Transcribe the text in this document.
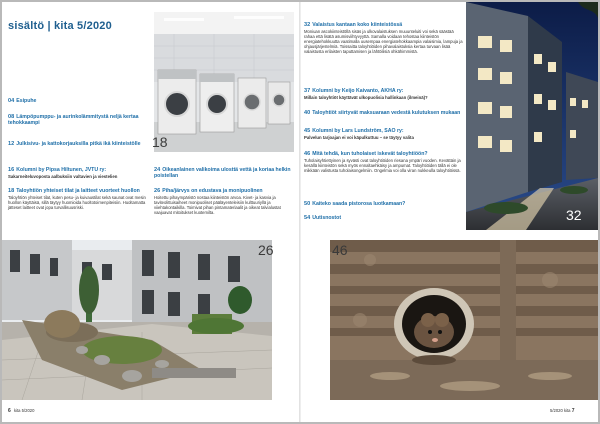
sisältö | kita 5/2020
04 Esipuhe
08 Lämpöpumppu- ja aurinkolämmitystä neljä kertaa tehokkaampi
12 Julkisivu- ja kattokorjauksilla pitkä ikä kiinteistölle
16 Kolumni by Pipsa Hiltunen, JVTU ry:
Sakarneiteluvoposta aalbuksiin valtavien ja viestelien
18 Taloyhtiön yhteiset tilat ja laitteet vuorteet huollon
Taloyhtiön yhteiset tilat, kuten pesu- ja kuivaustilat sekä saunat ovat mesin huollon käyttäisä, sillä täytyy huomioida huoltotoimenpiteisiin. Huoltamatta jätteset laitteet ovat jopa turvallisuusriski.
24 Oikeanlainen valikoima ulosttä vettä ja koriaa helkin poistellan
26 Piha/järvys on edustava ja monipuolinen
Hoitettu pihaympäristö nostaa kiinteistön arvoa. Kivet- ja kasvia ja taviteolittuisaiheet monipuoliset pääläyenteleisiin kulttuuriyllä ja viiehtakontaikilla. Toimivat pihan pintamateriaalit ja oikeat talvialustat vaajuavat mitoitukset kuotemilta.
18
32 Valaistus kantaan koko kiinteistössä
Moniuan ascokiinteistöllä sisäs ja ulkovalaistuksen muuunteluiti voi sekä säästää rahaa että lisätä asumisviihtyvyyttä. Samalla voidaan tehostaa kiinteistön energiatehokkuutta vaatimalla uusempaa energiatehokkaampia valaisimia, lampuja ja ohjausjärjestelmiä. Toissaitta taloyhtiöiden pihavalaistuksia kertaa turvaan lisää valaistusta erilaisten taputtamisen ja lähtöilisiä ohkähimmistä.
37 Kolumni by Keijo Kaivanto, AKHA ry:
Millain taloyhtiöt käyttävät ulkopuolisia hallinkaan (ilmeinä)?
40 Taloyhtiöt siirtyvät maksuaraan vedestä kulutuksen mukaan
45 Kolumni by Lars Lundström, SAO ry:
Palvelun tarjoajan ei voi käpulkuttuu – se täytyy valita
46 Mitä tehdä, kun tuholaiset iskevät taloyhtiöön?
Tuholaisyhtiettyinen ja syvästi ovat taloyhtiöiden riesana ympäri vuoden. Kevättäin ja kesällä kiinteistön sekä myös ennaltaehkäisy ja ampumat. Taloyhtiöiden tällä ei ole mikkään valistusta tuholaisongelmiin. Ongelmia voi olla viran nukkeulla taloyhtiöissä.
50 Kaiteko saada pistorosa luotkamaan?
54 Uutisnostot	32
26	46
6 kita 5/2020	5/2020 kita 7
